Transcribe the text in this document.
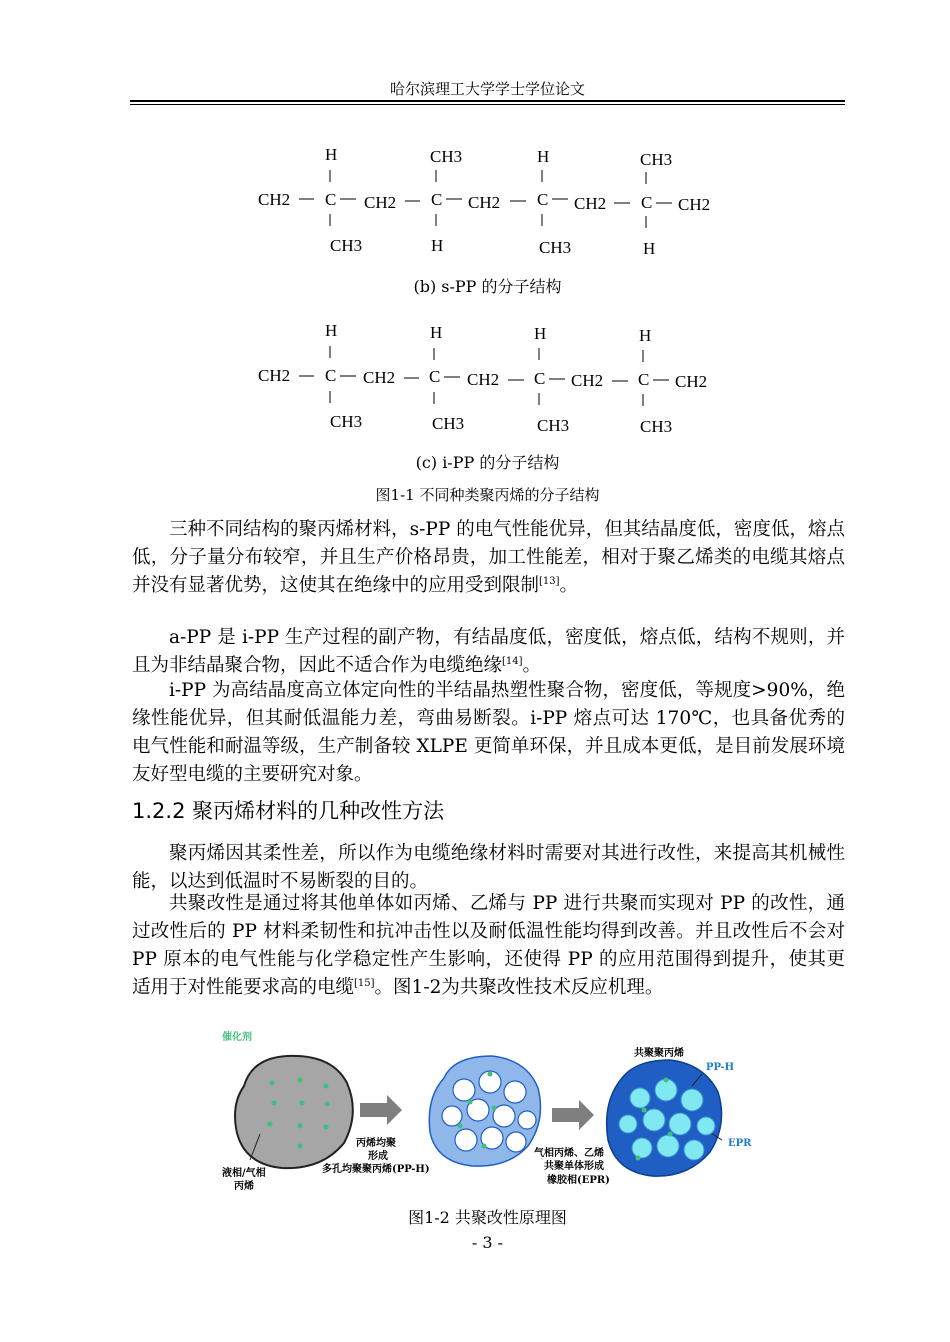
哈尔滨理工大学学士学位论文
H	CH3	H	CH3
CH2 C CH2 C CH2 C CH2 C CH2
CH3	H	CH3	H
(b) s-PP 的分子结构
H	H	H	H
CH2 C CH2 C CH2 C CH2 C CH2
CH3	CH3	CH3	CH3
(c) i-PP 的分子结构
图1-1 不同种类聚丙烯的分子结构
三种不同结构的聚丙烯材料，s-PP 的电气性能优异，但其结晶度低，密度低，熔点低，分子量分布较窄，并且生产价格昂贵，加工性能差，相对于聚乙烯类的电缆其熔点并没有显著优势，这使其在绝缘中的应用受到限制[13]。
a-PP 是 i-PP 生产过程的副产物，有结晶度低，密度低，熔点低，结构不规则，并且为非结晶聚合物，因此不适合作为电缆绝缘[14]。
i-PP 为高结晶度高立体定向性的半结晶热塑性聚合物，密度低，等规度>90%，绝缘性能优异，但其耐低温能力差，弯曲易断裂。i-PP 熔点可达 170℃，也具备优秀的电气性能和耐温等级，生产制备较 XLPE 更简单环保，并且成本更低，是目前发展环境友好型电缆的主要研究对象。
1.2.2 聚丙烯材料的几种改性方法
聚丙烯因其柔性差，所以作为电缆绝缘材料时需要对其进行改性，来提高其机械性能，以达到低温时不易断裂的目的。
共聚改性是通过将其他单体如丙烯、乙烯与 PP 进行共聚而实现对 PP 的改性，通过改性后的 PP 材料柔韧性和抗冲击性以及耐低温性能均得到改善。并且改性后不会对 PP 原本的电气性能与化学稳定性产生影响，还使得 PP 的应用范围得到提升，使其更适用于对性能要求高的电缆[15]。图1-2为共聚改性技术反应机理。
催化剂
液相/气相
丙烯
丙烯均聚
形成
多孔均聚聚丙烯(PP-H)
气相丙烯、乙烯
共聚单体形成
橡胶相(EPR)
共聚聚丙烯
PP-H
EPR
图1-2 共聚改性原理图
- 3 -
